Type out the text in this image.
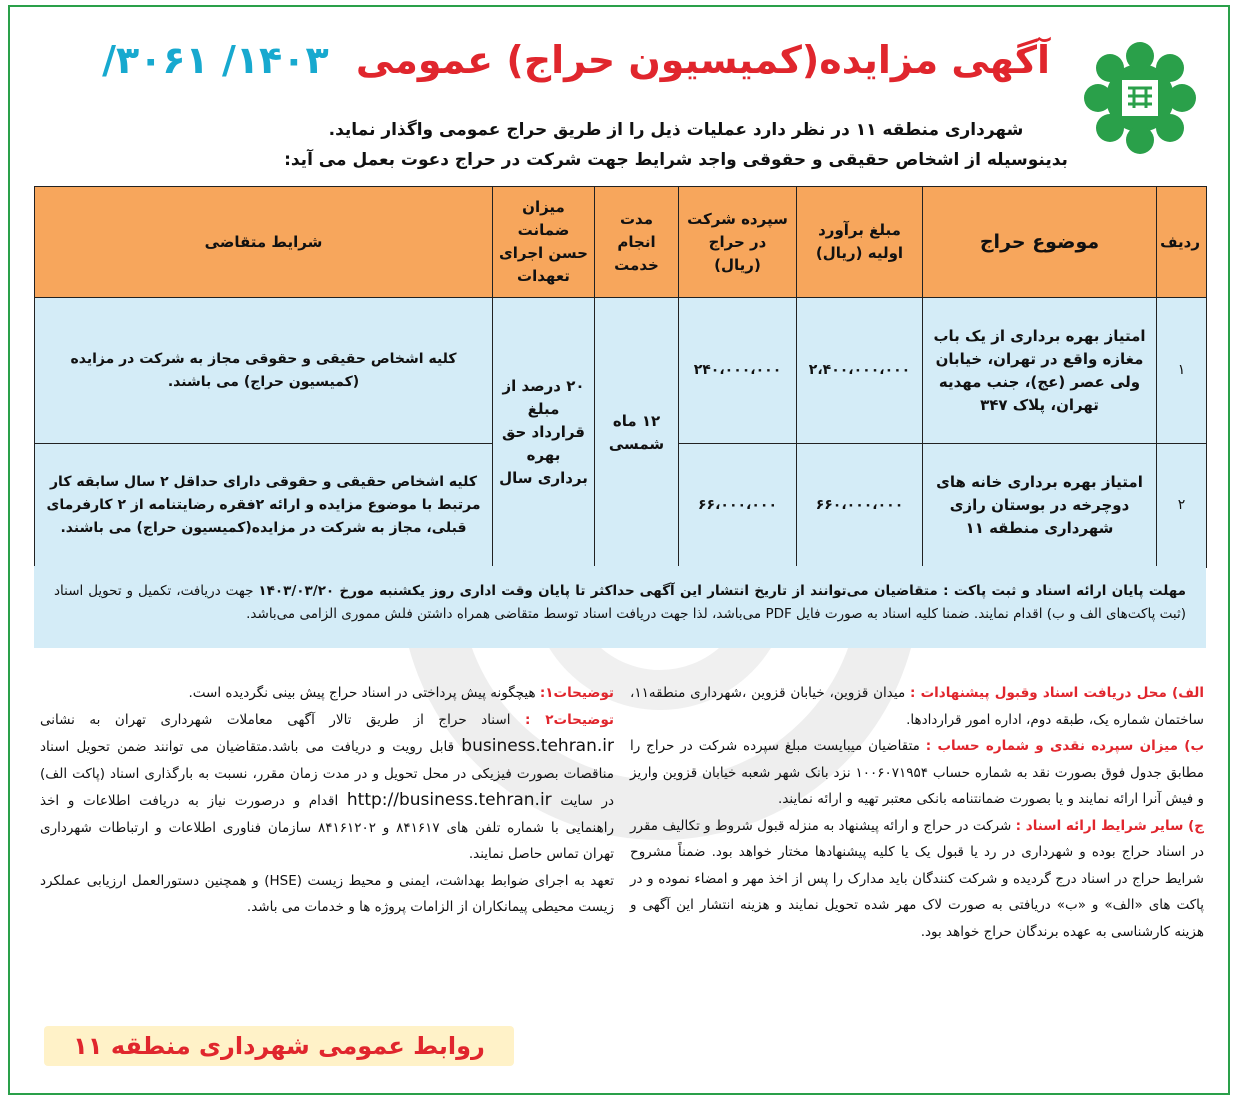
آگهی مزایده(کمیسیون حراج) عمومی ۱۴۰۳/ ۳۰۶۱/
شهرداری منطقه ۱۱ در نظر دارد عملیات ذیل را از طریق حراج عمومی واگذار نماید.
بدینوسیله از اشخاص حقیقی و حقوقی واجد شرایط جهت شرکت در حراج دعوت بعمل می آید:
ردیف	موضوع حراج	مبلغ برآورد اولیه (ریال)	سپرده شرکت در حراج (ریال)	مدت انجام خدمت	میزان ضمانت حسن اجرای تعهدات	شرایط متقاضی
۱	امتیاز بهره برداری از یک باب مغازه واقع در تهران، خیابان ولی عصر (عج)، جنب مهدیه تهران، پلاک ۳۴۷	۲،۴۰۰،۰۰۰،۰۰۰	۲۴۰،۰۰۰،۰۰۰	۱۲ ماه شمسی	۲۰ درصد از مبلغ قرارداد حق بهره برداری سال	کلیه اشخاص حقیقی و حقوقی مجاز به شرکت در مزایده (کمیسیون حراج) می باشند.
۲	امتیاز بهره برداری خانه های دوچرخه در بوستان رازی شهرداری منطقه ۱۱	۶۶۰،۰۰۰،۰۰۰	۶۶،۰۰۰،۰۰۰			کلیه اشخاص حقیقی و حقوقی دارای حداقل ۲ سال سابقه کار مرتبط با موضوع مزایده و ارائه ۲فقره رضایتنامه از ۲ کارفرمای قبلی، مجاز به شرکت در مزایده(کمیسیون حراج) می باشند.
مهلت پایان ارائه اسناد و ثبت پاکت : متقاضیان می‌توانند از تاریخ انتشار این آگهی حداکثر تا پایان وقت اداری روز یکشنبه مورخ ۱۴۰۳/۰۳/۲۰ جهت دریافت، تکمیل و تحویل اسناد (ثبت پاکت‌های الف و ب) اقدام نمایند. ضمنا کلیه اسناد به صورت فایل PDF می‌باشد، لذا جهت دریافت اسناد توسط متقاضی همراه داشتن فلش مموری الزامی می‌باشد.
الف) محل دریافت اسناد وقبول پیشنهادات : میدان قزوین، خیابان قزوین ،شهرداری منطقه۱۱، ساختمان شماره یک، طبقه دوم، اداره امور قراردادها.
ب) میزان سپرده نقدی و شماره حساب : متقاضیان میبایست مبلغ سپرده شرکت در حراج را مطابق جدول فوق بصورت نقد به شماره حساب ۱۰۰۶۰۷۱۹۵۴ نزد بانک شهر شعبه خیابان قزوین واریز و فیش آنرا ارائه نمایند و یا بصورت ضمانتنامه بانکی معتبر تهیه و ارائه نمایند.
ج) سایر شرایط ارائه اسناد : شرکت در حراج و ارائه پیشنهاد به منزله قبول شروط و تکالیف مقرر در اسناد حراج بوده و شهرداری در رد یا قبول یک یا کلیه پیشنهادها مختار خواهد بود. ضمناً مشروح شرایط حراج در اسناد درج گردیده و شرکت کنندگان باید مدارک را پس از اخذ مهر و امضاء نموده و در پاکت های «الف» و «ب» دریافتی به صورت لاک مهر شده تحویل نمایند و هزینه انتشار این آگهی و هزینه کارشناسی به عهده برندگان حراج خواهد بود.
توضیحات۱: هیچگونه پیش پرداختی در اسناد حراج پیش بینی نگردیده است.
توضیحات۲ : اسناد حراج از طریق تالار آگهی معاملات شهرداری تهران به نشانی business.tehran.ir قابل رویت و دریافت می باشد.متقاضیان می توانند ضمن تحویل اسناد مناقصات بصورت فیزیکی در محل تحویل و در مدت زمان مقرر، نسبت به بارگذاری اسناد (پاکت الف) در سایت http://business.tehran.ir اقدام و درصورت نیاز به دریافت اطلاعات و اخذ راهنمایی با شماره تلفن های ۸۴۱۶۱۷ و ۸۴۱۶۱۲۰۲ سازمان فناوری اطلاعات و ارتباطات شهرداری تهران تماس حاصل نمایند.
تعهد به اجرای ضوابط بهداشت، ایمنی و محیط زیست (HSE) و همچنین دستورالعمل ارزیابی عملکرد زیست محیطی پیمانکاران از الزامات پروژه ها و خدمات می باشد.
روابط عمومی شهرداری منطقه ۱۱
